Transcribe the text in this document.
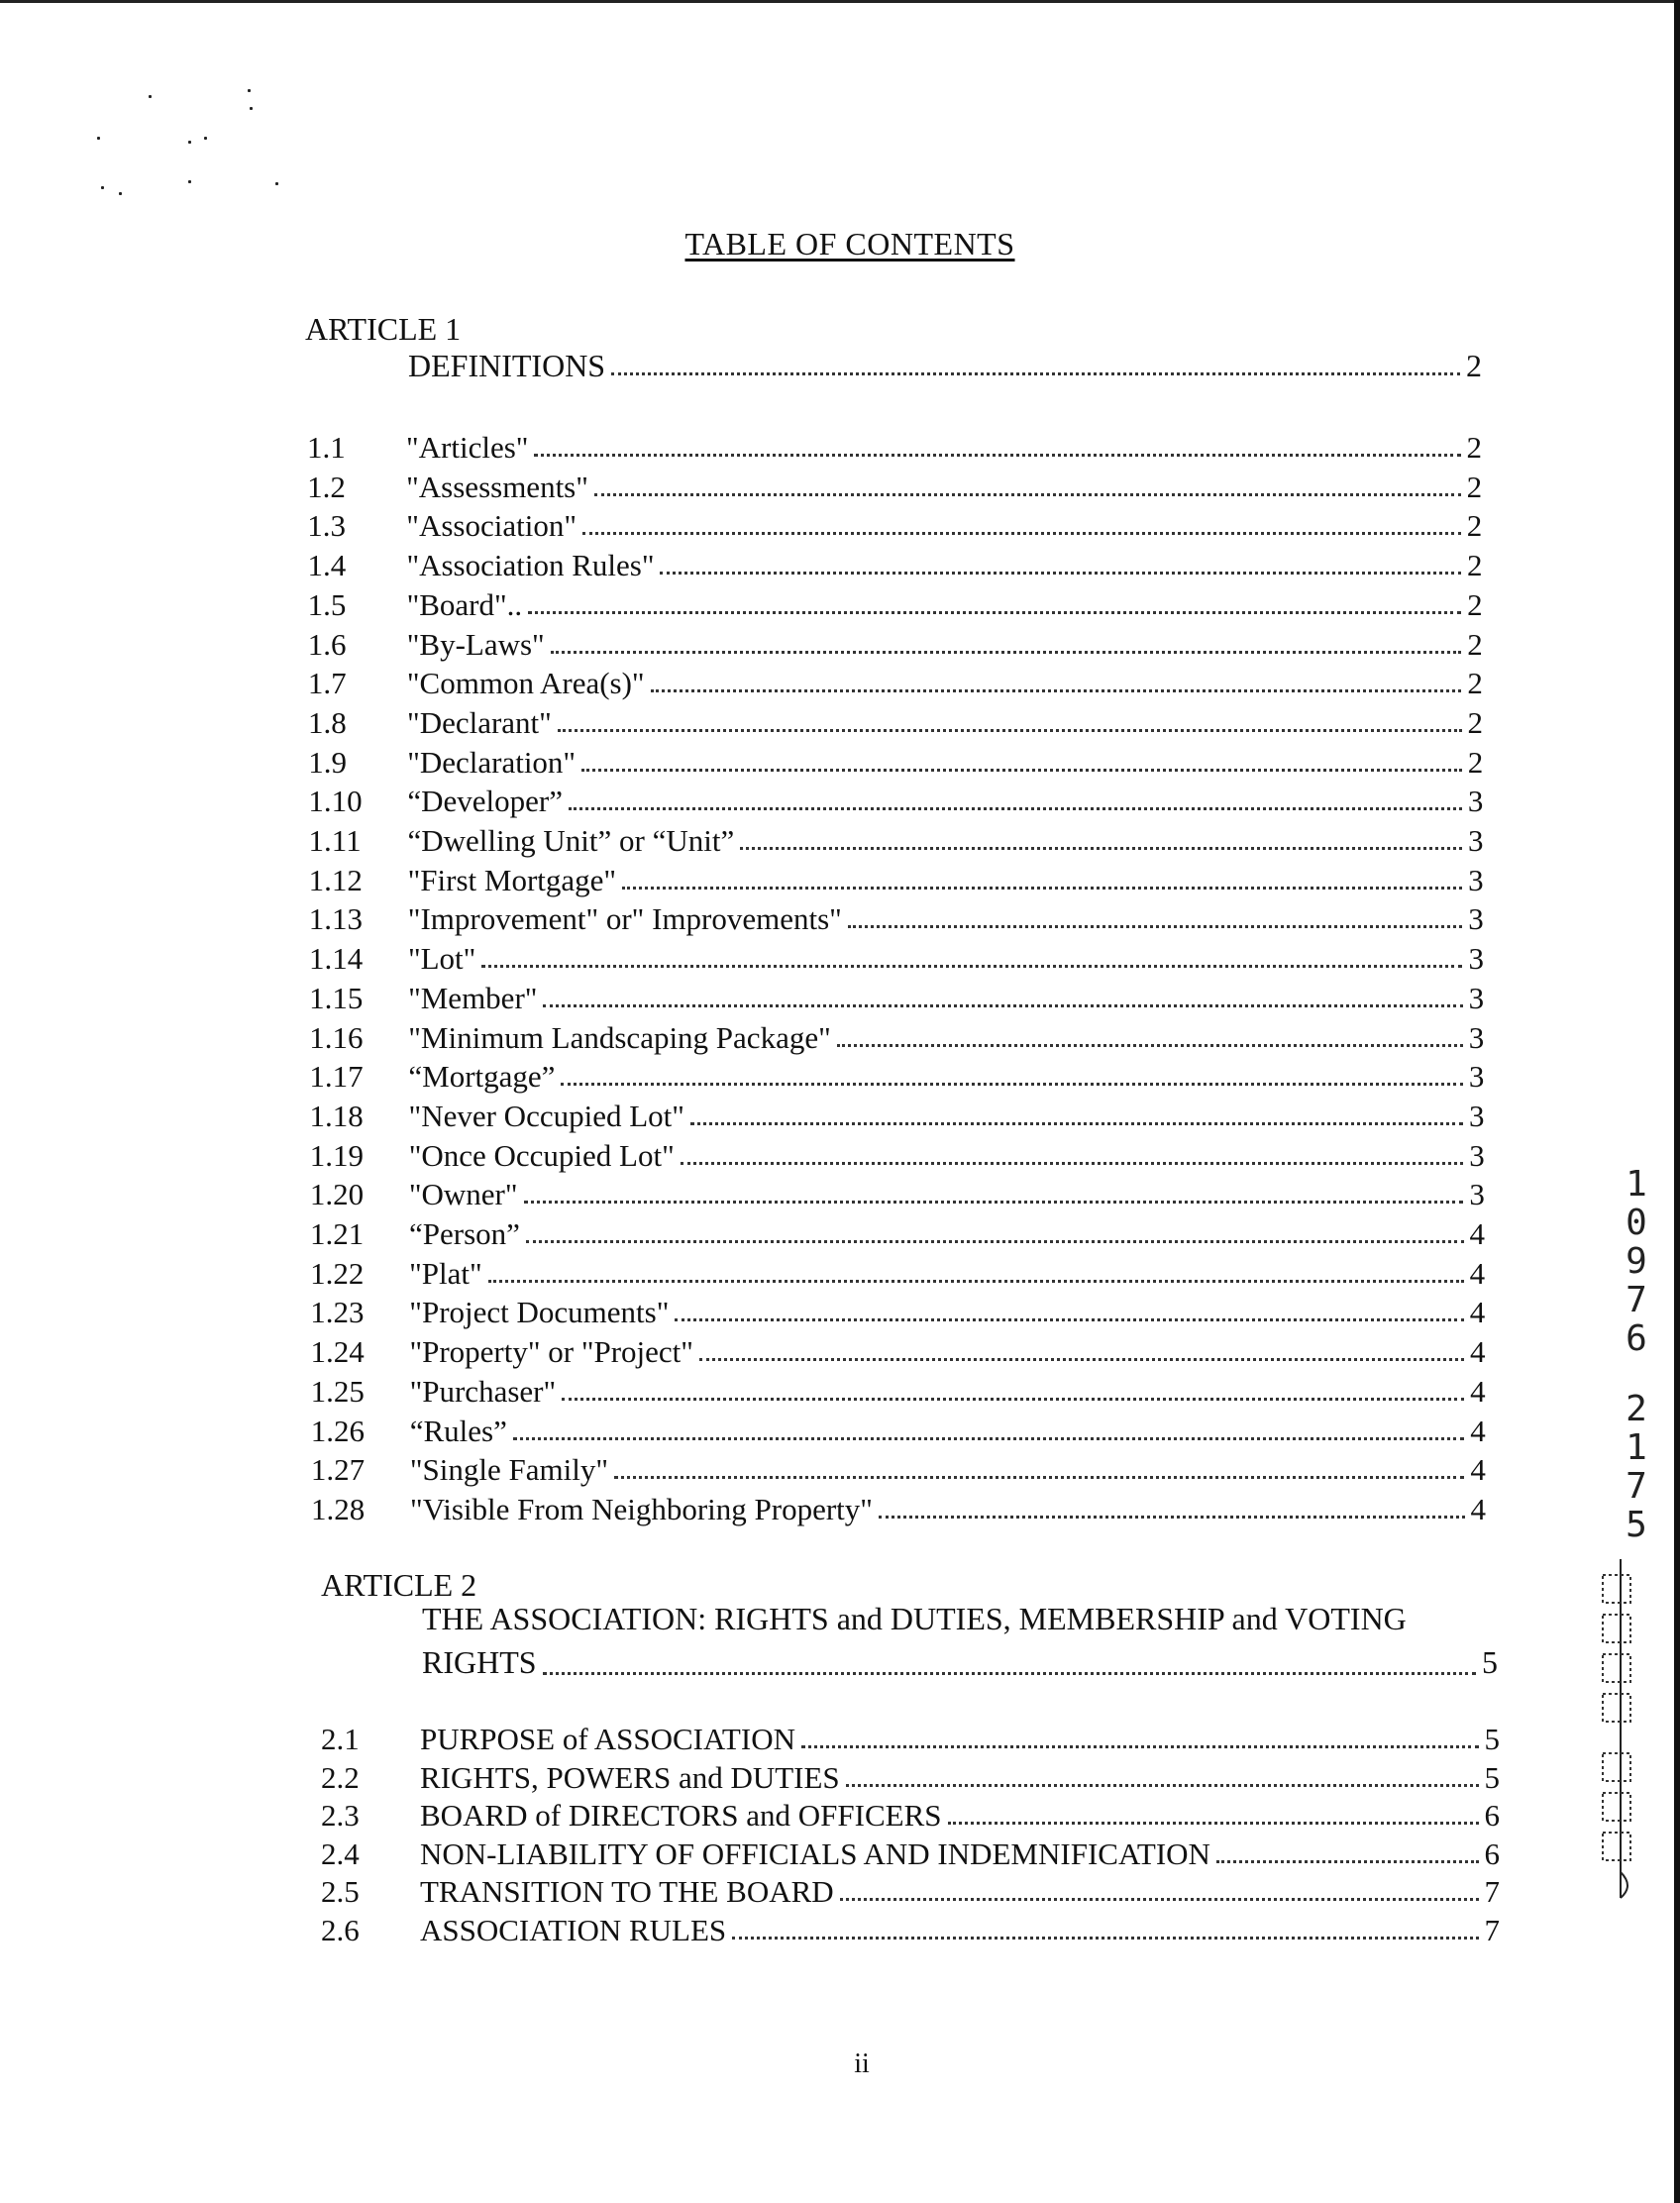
TABLE OF CONTENTS
ARTICLE 1
DEFINITIONS	2
1.1	"Articles"	2
1.2	"Assessments"	2
1.3	"Association"	2
1.4	"Association Rules"	2
1.5	"Board"..	2
1.6	"By-Laws"	2
1.7	"Common Area(s)"	2
1.8	"Declarant"	2
1.9	"Declaration"	2
1.10	“Developer”	3
1.11	“Dwelling Unit” or “Unit”	3
1.12	"First Mortgage"	3
1.13	"Improvement" or" Improvements"	3
1.14	"Lot"	3
1.15	"Member"	3
1.16	"Minimum Landscaping Package"	3
1.17	“Mortgage”	3
1.18	"Never Occupied Lot"	3
1.19	"Once Occupied Lot"	3
1.20	"Owner"	3
1.21	“Person”	4
1.22	"Plat"	4
1.23	"Project Documents"	4
1.24	"Property" or "Project"	4
1.25	"Purchaser"	4
1.26	“Rules”	4
1.27	"Single Family"	4
1.28	"Visible From Neighboring Property"	4
ARTICLE 2
THE ASSOCIATION: RIGHTS and DUTIES, MEMBERSHIP and VOTING
RIGHTS	5
2.1	PURPOSE of ASSOCIATION	5
2.2	RIGHTS, POWERS and DUTIES	5
2.3	BOARD of DIRECTORS and OFFICERS	6
2.4	NON-LIABILITY OF OFFICIALS AND INDEMNIFICATION	6
2.5	TRANSITION TO THE BOARD	7
2.6	ASSOCIATION RULES	7
ii
1
0
9
7
6
2
1
7
5
